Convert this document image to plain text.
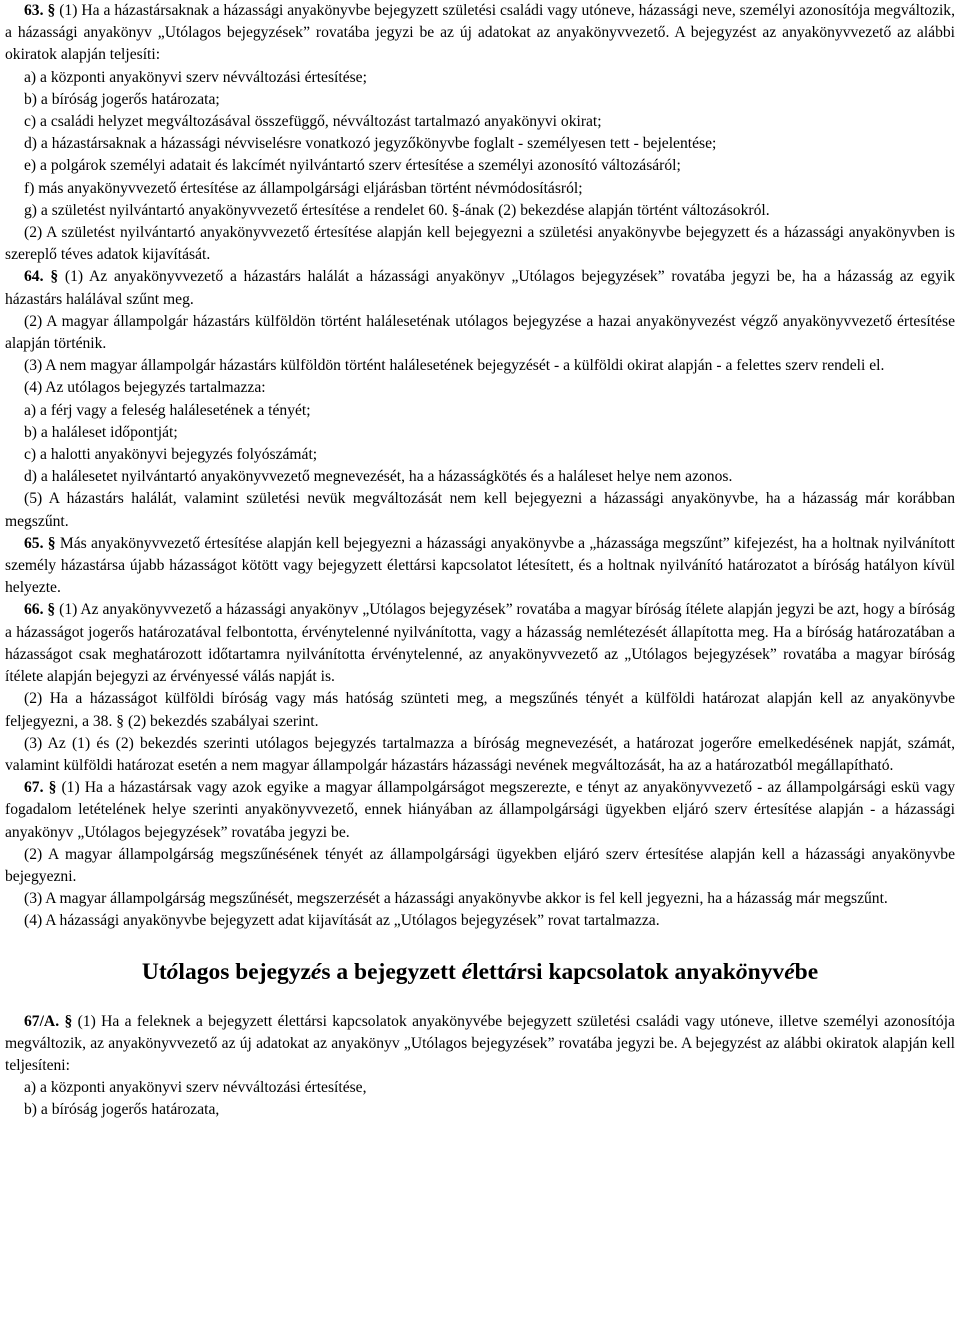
63. § (1) Ha a házastársaknak a házassági anyakönyvbe bejegyzett születési családi vagy utóneve, házassági neve, személyi azonosítója megváltozik, a házassági anyakönyv „Utólagos bejegyzések” rovatába jegyzi be az új adatokat az anyakönyvvezető. A bejegyzést az anyakönyvvezető az alábbi okiratok alapján teljesíti:

a) a központi anyakönyvi szerv névváltozási értesítése;

b) a bíróság jogerős határozata;

c) a családi helyzet megváltozásával összefüggő, névváltozást tartalmazó anyakönyvi okirat;

d) a házastársaknak a házassági névviselésre vonatkozó jegyzőkönyvbe foglalt - személyesen tett - bejelentése;

e) a polgárok személyi adatait és lakcímét nyilvántartó szerv értesítése a személyi azonosító változásáról;

f) más anyakönyvvezető értesítése az állampolgársági eljárásban történt névmódosításról;

g) a születést nyilvántartó anyakönyvvezető értesítése a rendelet 60. §-ának (2) bekezdése alapján történt változásokról.

(2) A születést nyilvántartó anyakönyvvezető értesítése alapján kell bejegyezni a születési anyakönyvbe bejegyzett és a házassági anyakönyvben is szereplő téves adatok kijavítását.

64. § (1) Az anyakönyvvezető a házastárs halálát a házassági anyakönyv „Utólagos bejegyzések” rovatába jegyzi be, ha a házasság az egyik házastárs halálával szűnt meg.

(2) A magyar állampolgár házastárs külföldön történt haláleseténak utólagos bejegyzése a hazai anyakönyvezést végző anyakönyvvezető értesítése alapján történik.

(3) A nem magyar állampolgár házastárs külföldön történt halálesetének bejegyzését - a külföldi okirat alapján - a felettes szerv rendeli el.

(4) Az utólagos bejegyzés tartalmazza:

a) a férj vagy a feleség halálesetének a tényét;

b) a haláleset időpontját;

c) a halotti anyakönyvi bejegyzés folyószámát;

d) a halálesetet nyilvántartó anyakönyvvezető megnevezését, ha a házasságkötés és a haláleset helye nem azonos.

(5) A házastárs halálát, valamint születési nevük megváltozását nem kell bejegyezni a házassági anyakönyvbe, ha a házasság már korábban megszűnt.

65. § Más anyakönyvvezető értesítése alapján kell bejegyezni a házassági anyakönyvbe a „házassága megszűnt” kifejezést, ha a holtnak nyilvánított személy házastársa újabb házasságot kötött vagy bejegyzett élettársi kapcsolatot létesített, és a holtnak nyilvánító határozatot a bíróság hatályon kívül helyezte.

66. § (1) Az anyakönyvvezető a házassági anyakönyv „Utólagos bejegyzések” rovatába a magyar bíróság ítélete alapján jegyzi be azt, hogy a bíróság a házasságot jogerős határozatával felbontotta, érvénytelenné nyilvánította, vagy a házasság nemlétezését állapította meg. Ha a bíróság határozatában a házasságot csak meghatározott időtartamra nyilvánította érvénytelenné, az anyakönyvvezető az „Utólagos bejegyzések” rovatába a magyar bíróság ítélete alapján bejegyzi az érvényessé válás napját is.

(2) Ha a házasságot külföldi bíróság vagy más hatóság szünteti meg, a megszűnés tényét a külföldi határozat alapján kell az anyakönyvbe feljegyezni, a 38. § (2) bekezdés szabályai szerint.

(3) Az (1) és (2) bekezdés szerinti utólagos bejegyzés tartalmazza a bíróság megnevezését, a határozat jogerőre emelkedésének napját, számát, valamint külföldi határozat esetén a nem magyar állampolgár házastárs házassági nevének megváltozását, ha az a határozatból megállapítható.

67. § (1) Ha a házastársak vagy azok egyike a magyar állampolgárságot megszerezte, e tényt az anyakönyvvezető - az állampolgársági eskü vagy fogadalom letételének helye szerinti anyakönyvvezető, ennek hiányában az állampolgársági ügyekben eljáró szerv értesítése alapján - a házassági anyakönyv „Utólagos bejegyzések” rovatába jegyzi be.

(2) A magyar állampolgárság megszűnésének tényét az állampolgársági ügyekben eljáró szerv értesítése alapján kell a házassági anyakönyvbe bejegyezni.

(3) A magyar állampolgárság megszűnését, megszerzését a házassági anyakönyvbe akkor is fel kell jegyezni, ha a házasság már megszűnt.

(4) A házassági anyakönyvbe bejegyzett adat kijavítását az „Utólagos bejegyzések” rovat tartalmazza.

Utólagos bejegyzés a bejegyzett élettársi kapcsolatok anyakönyvébe

67/A. § (1) Ha a feleknek a bejegyzett élettársi kapcsolatok anyakönyvébe bejegyzett születési családi vagy utóneve, illetve személyi azonosítója megváltozik, az anyakönyvvezető az új adatokat az anyakönyv „Utólagos bejegyzések” rovatába jegyzi be. A bejegyzést az alábbi okiratok alapján kell teljesíteni:

a) a központi anyakönyvi szerv névváltozási értesítése,

b) a bíróság jogerős határozata,
